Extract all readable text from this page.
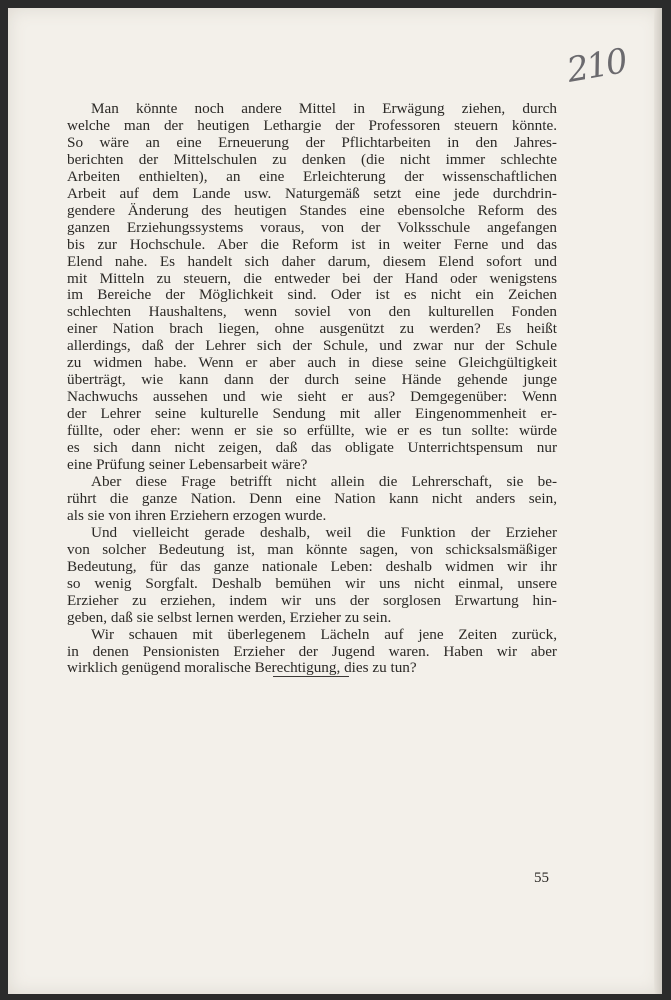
210
Man könnte noch andere Mittel in Erwägung ziehen, durch
welche man der heutigen Lethargie der Professoren steuern könnte.
So wäre an eine Erneuerung der Pflichtarbeiten in den Jahres-
berichten der Mittelschulen zu denken (die nicht immer schlechte
Arbeiten enthielten), an eine Erleichterung der wissenschaftlichen
Arbeit auf dem Lande usw. Naturgemäß setzt eine jede durchdrin-
gendere Änderung des heutigen Standes eine ebensolche Reform des
ganzen Erziehungssystems voraus, von der Volksschule angefangen
bis zur Hochschule. Aber die Reform ist in weiter Ferne und das
Elend nahe. Es handelt sich daher darum, diesem Elend sofort und
mit Mitteln zu steuern, die entweder bei der Hand oder wenigstens
im Bereiche der Möglichkeit sind. Oder ist es nicht ein Zeichen
schlechten Haushaltens, wenn soviel von den kulturellen Fonden
einer Nation brach liegen, ohne ausgenützt zu werden? Es heißt
allerdings, daß der Lehrer sich der Schule, und zwar nur der Schule
zu widmen habe. Wenn er aber auch in diese seine Gleichgültigkeit
überträgt, wie kann dann der durch seine Hände gehende junge
Nachwuchs aussehen und wie sieht er aus? Demgegenüber: Wenn
der Lehrer seine kulturelle Sendung mit aller Eingenommenheit er-
füllte, oder eher: wenn er sie so erfüllte, wie er es tun sollte: würde
es sich dann nicht zeigen, daß das obligate Unterrichtspensum nur
eine Prüfung seiner Lebensarbeit wäre?
Aber diese Frage betrifft nicht allein die Lehrerschaft, sie be-
rührt die ganze Nation. Denn eine Nation kann nicht anders sein,
als sie von ihren Erziehern erzogen wurde.
Und vielleicht gerade deshalb, weil die Funktion der Erzieher
von solcher Bedeutung ist, man könnte sagen, von schicksalsmäßiger
Bedeutung, für das ganze nationale Leben: deshalb widmen wir ihr
so wenig Sorgfalt. Deshalb bemühen wir uns nicht einmal, unsere
Erzieher zu erziehen, indem wir uns der sorglosen Erwartung hin-
geben, daß sie selbst lernen werden, Erzieher zu sein.
Wir schauen mit überlegenem Lächeln auf jene Zeiten zurück,
in denen Pensionisten Erzieher der Jugend waren. Haben wir aber
wirklich genügend moralische Berechtigung, dies zu tun?
55
